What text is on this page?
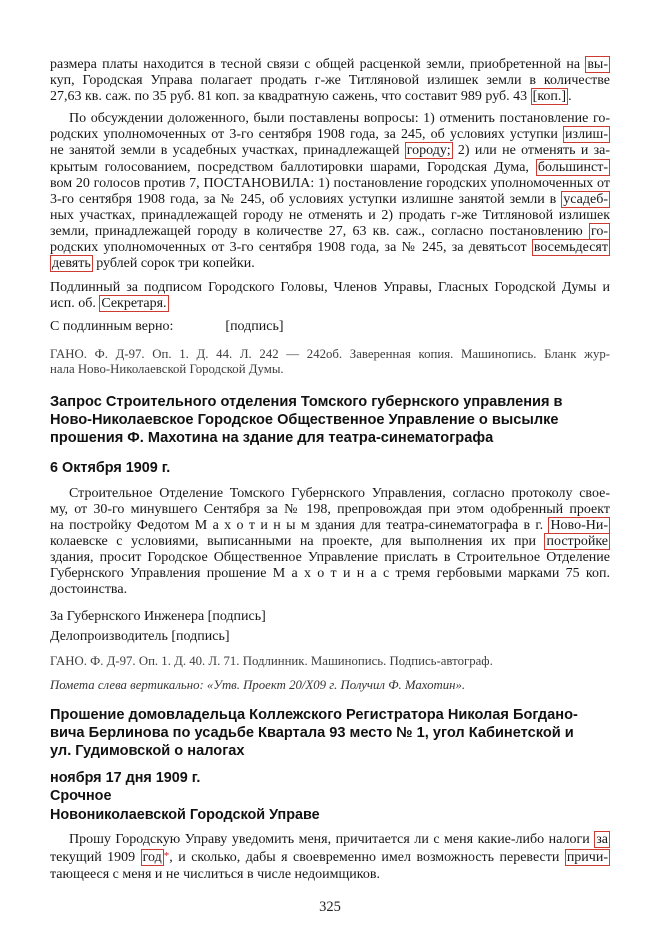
размера платы находится в тесной связи с общей расценкой земли, приобретенной на вы-
куп, Городская Управа полагает продать г-же Титляновой излишек земли в количестве
27,63 кв. саж. по 35 руб. 81 коп. за квадратную сажень, что составит 989 руб. 43 [коп.] .
По обсуждении доложенного, были поставлены вопросы: 1) отменить постановление го-
родских уполномоченных от 3-го сентября 1908 года, за 245, об условиях уступки излиш-
не занятой земли в усадебных участках, принадлежащей городу; 2) или не отменять и за-
крытым голосованием, посредством баллотировки шарами, Городская Дума, большинст-
вом 20 голосов против 7, ПОСТАНОВИЛА: 1) постановление городских уполномоченных от
3-го сентября 1908 года, за № 245, об условиях уступки излишне занятой земли в усадеб-
ных участках, принадлежащей городу не отменять и 2) продать г-же Титляновой излишек
земли, принадлежащей городу в количестве 27, 63 кв. саж., согласно постановлению го-
родских уполномоченных от 3-го сентября 1908 года, за № 245, за девятьсот восемьдесят
девять рублей сорок три копейки.
Подлинный за подписом Городского Головы, Членов Управы, Гласных Городской Думы и
исп. об. Секретаря.
С подлинным верно:	[подпись]
ГАНО. Ф. Д-97. Оп. 1. Д. 44. Л. 242 — 242об. Заверенная копия. Машинопись. Бланк жур-
нала Ново-Николаевской Городской Думы.
Запрос Строительного отделения Томского губернского управления в
Ново-Николаевское Городское Общественное Управление о высылке
прошения Ф. Махотина на здание для театра-синематографа
6 Октября 1909 г.
Строительное Отделение Томского Губернского Управления, согласно протоколу свое-
му, от 30-го минувшего Сентября за № 198, препровождая при этом одобренный проект
на постройку Федотом М а х о т и н ы м здания для театра-синематографа в г. Ново-Ни-
колаевске с условиями, выписанными на проекте, для выполнения их при постройке
здания, просит Городское Общественное Управление прислать в Строительное Отделение
Губернского Управления прошение М а х о т и н а с тремя гербовыми марками 75 коп.
достоинства.
За Губернского Инженера [подпись]
Делопроизводитель [подпись]
ГАНО. Ф. Д-97. Оп. 1. Д. 40. Л. 71. Подлинник. Машинопись. Подпись-автограф.
Помета слева вертикально: «Утв. Проект 20/Х09 г. Получил Ф. Махотин».
Прошение домовладельца Коллежского Регистратора Николая Богдано-
вича Берлинова по усадьбе Квартала 93 место № 1, угол Кабинетской и
ул. Гудимовской о налогах
ноября 17 дня 1909 г.
Срочное
Новониколаевской Городской Управе
Прошу Городскую Управу уведомить меня, причитается ли с меня какие-либо налоги за
текущий 1909 год *, и сколько, дабы я своевременно имел возможность перевести причи-
тающееся с меня и не числиться в числе недоимщиков.
325
